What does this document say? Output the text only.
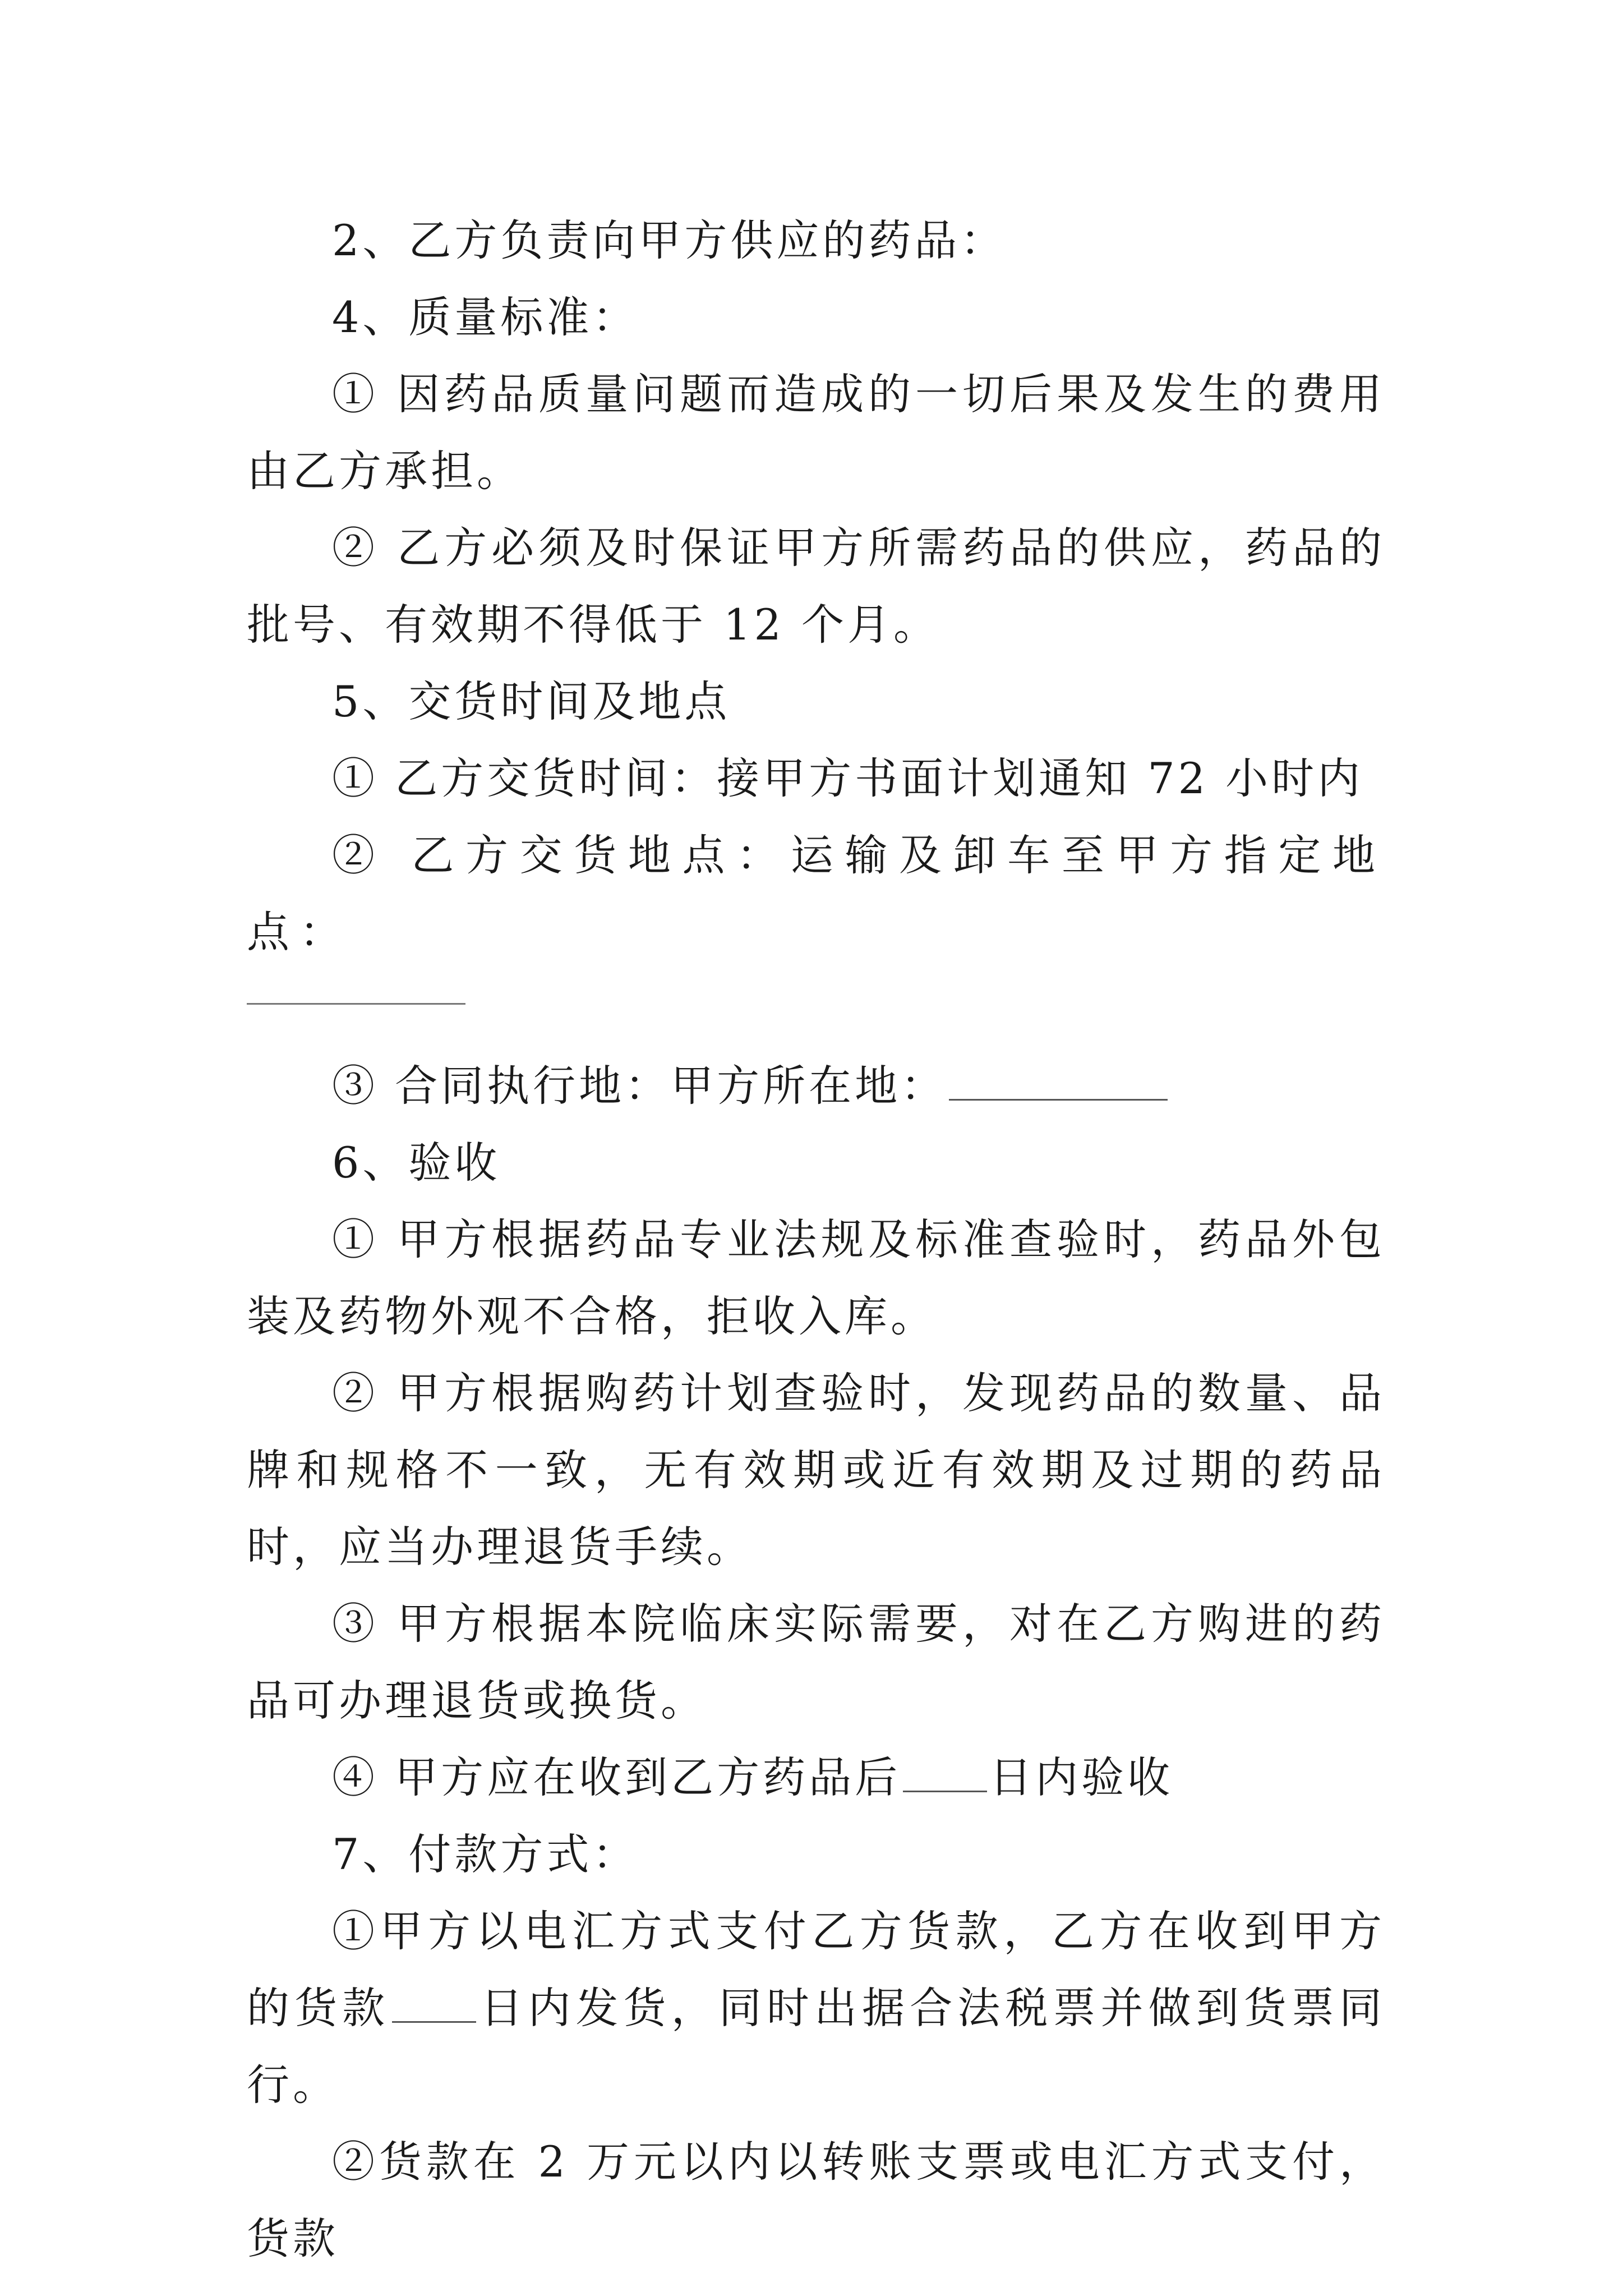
2、乙方负责向甲方供应的药品：

4、质量标准：

① 因药品质量问题而造成的一切后果及发生的费用由乙方承担。

② 乙方必须及时保证甲方所需药品的供应，药品的批号、有效期不得低于 12 个月。

5、交货时间及地点

① 乙方交货时间：接甲方书面计划通知 72 小时内

② 乙方交货地点：运输及卸车至甲方指定地点：

③ 合同执行地：甲方所在地：

6、验收

① 甲方根据药品专业法规及标准查验时，药品外包装及药物外观不合格，拒收入库。

② 甲方根据购药计划查验时，发现药品的数量、品牌和规格不一致，无有效期或近有效期及过期的药品时，应当办理退货手续。

③ 甲方根据本院临床实际需要，对在乙方购进的药品可办理退货或换货。

④ 甲方应在收到乙方药品后 日内验收

7、付款方式：

①甲方以电汇方式支付乙方货款，乙方在收到甲方的货款 日内发货，同时出据合法税票并做到货票同行。

②货款在 2 万元以内以转账支票或电汇方式支付，货款
